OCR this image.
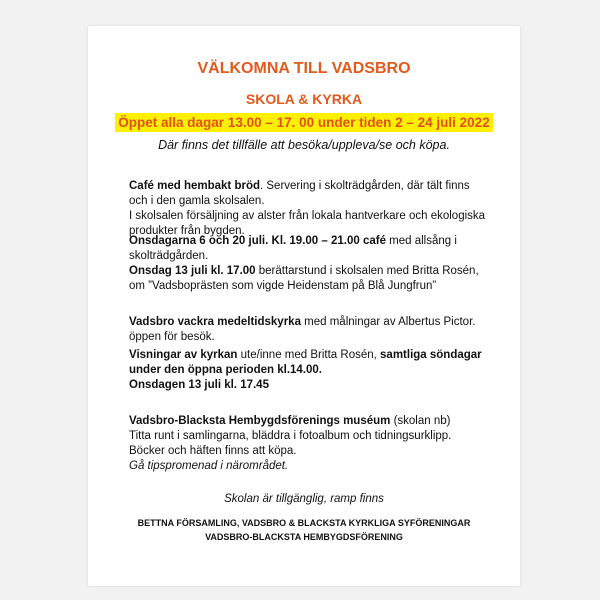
VÄLKOMNA TILL VADSBRO
SKOLA & KYRKA
Öppet alla dagar 13.00 – 17. 00 under tiden 2 – 24 juli 2022
Där finns det tillfälle att besöka/uppleva/se och köpa.
Café med hembakt bröd. Servering i skolträdgården, där tält finns
och i den gamla skolsalen.
I skolsalen försäljning av alster från lokala hantverkare och ekologiska
produkter från bygden.
Onsdagarna 6 och 20 juli. Kl. 19.00 – 21.00 café med allsång i
skolträdgården.
Onsdag 13 juli kl. 17.00 berättarstund i skolsalen med Britta Rosén,
om ”Vadsboprästen som vigde Heidenstam på Blå Jungfrun”
Vadsbro vackra medeltidskyrka med målningar av Albertus Pictor.
öppen för besök.
Visningar av kyrkan ute/inne med Britta Rosén, samtliga söndagar
under den öppna perioden kl.14.00.
Onsdagen 13 juli kl. 17.45
Vadsbro-Blacksta Hembygdsförenings muséum (skolan nb)
Titta runt i samlingarna, bläddra i fotoalbum och tidningsurklipp.
Böcker och häften finns att köpa.
Gå tipspromenad i närområdet.
Skolan är tillgänglig, ramp finns
BETTNA FÖRSAMLING, VADSBRO & BLACKSTA KYRKLIGA SYFÖRENINGAR
VADSBRO-BLACKSTA HEMBYGDSFÖRENING
